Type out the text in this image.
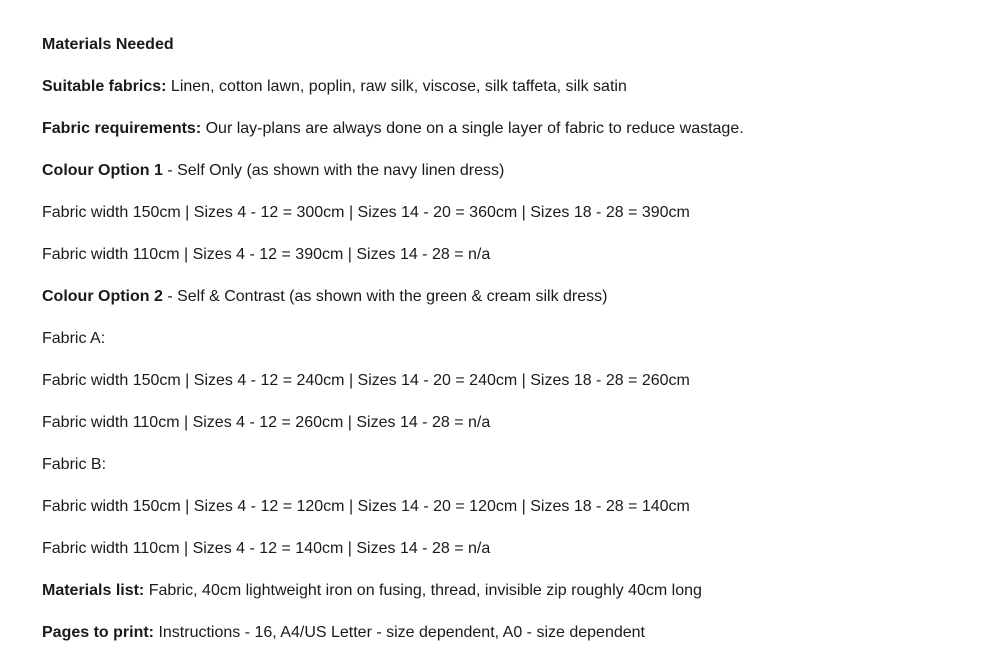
Materials Needed
Suitable fabrics: Linen, cotton lawn, poplin, raw silk, viscose, silk taffeta, silk satin
Fabric requirements: Our lay-plans are always done on a single layer of fabric to reduce wastage.
Colour Option 1 - Self Only (as shown with the navy linen dress)
Fabric width 150cm | Sizes 4 - 12 = 300cm | Sizes 14 - 20 = 360cm | Sizes 18 - 28 = 390cm
Fabric width 110cm | Sizes 4 - 12 = 390cm | Sizes 14 - 28 = n/a
Colour Option 2 - Self & Contrast (as shown with the green & cream silk dress)
Fabric A:
Fabric width 150cm | Sizes 4 - 12 = 240cm | Sizes 14 - 20 = 240cm | Sizes 18 - 28 = 260cm
Fabric width 110cm | Sizes 4 - 12 = 260cm | Sizes 14 - 28 = n/a
Fabric B:
Fabric width 150cm | Sizes 4 - 12 = 120cm | Sizes 14 - 20 = 120cm | Sizes 18 - 28 = 140cm
Fabric width 110cm | Sizes 4 - 12 = 140cm | Sizes 14 - 28 = n/a
Materials list: Fabric, 40cm lightweight iron on fusing, thread, invisible zip roughly 40cm long
Pages to print: Instructions - 16, A4/US Letter - size dependent, A0 - size dependent
